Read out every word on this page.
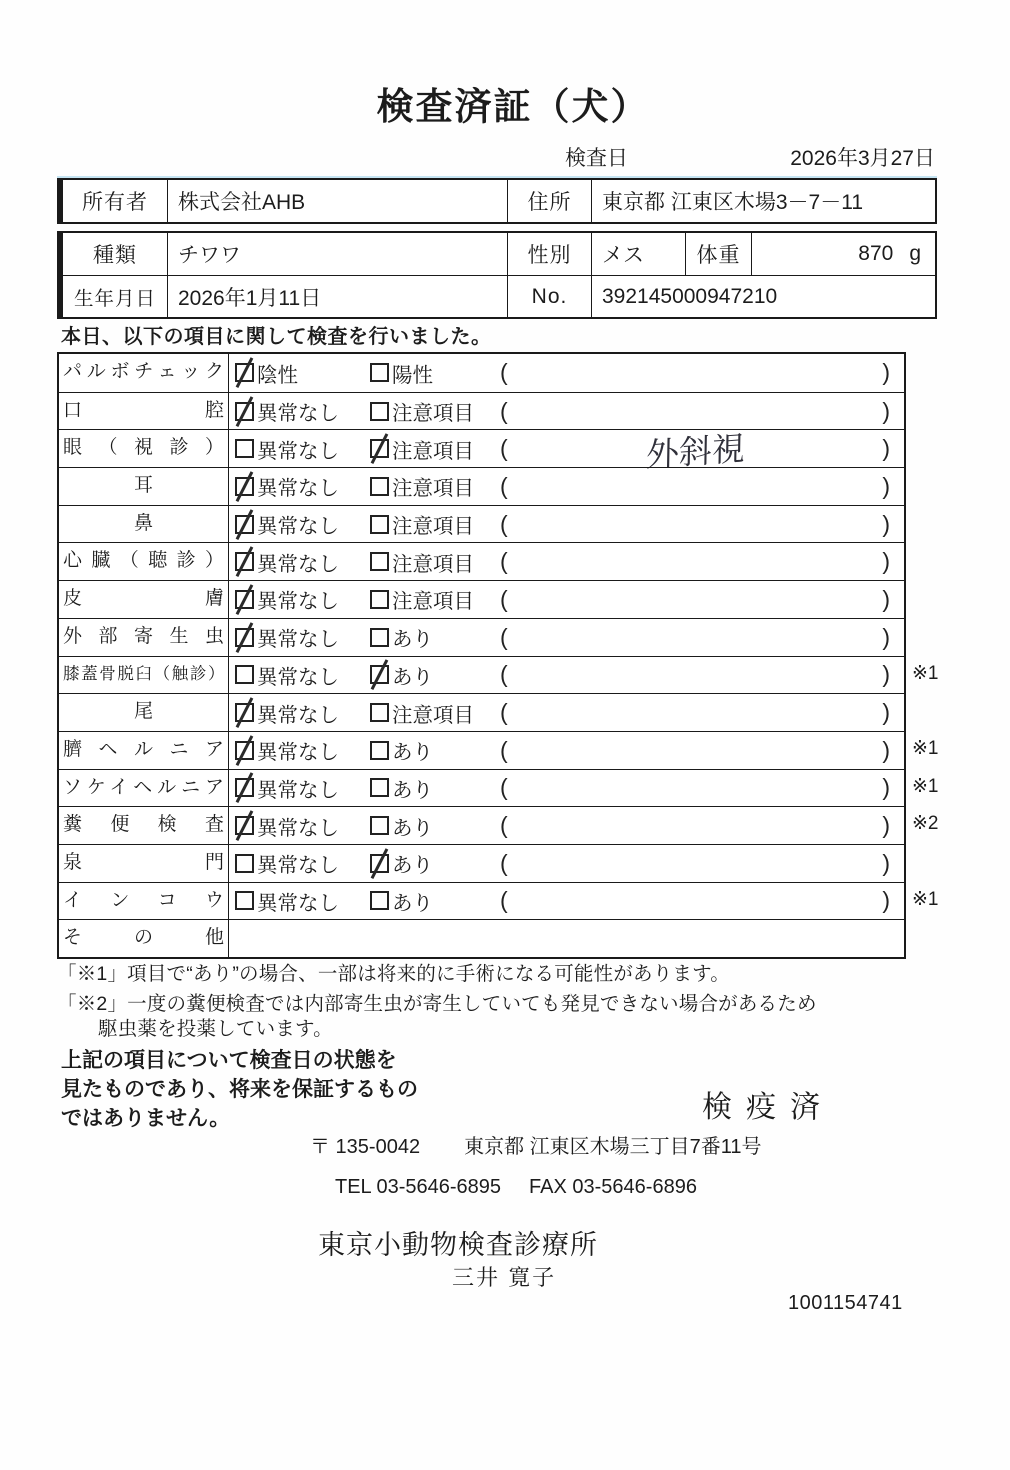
検査済証（犬）
検査日	2026年3月27日
所有者	株式会社AHB	住所	東京都 江東区木場3－7－11
種類	チワワ	性別	メス	体重	870 g
生年月日	2026年1月11日	No.	392145000947210
本日、以下の項目に関して検査を行いました。
パルボチェック 陰性	陽性	(	)
口腔 異常なし	注意項目 (	)
眼（視診） 異常なし	注意項目 (	外斜視	)
耳	異常なし	注意項目 (	)
鼻	異常なし	注意項目 (	)
心臓（聴診） 異常なし	注意項目 (	)
皮膚 異常なし	注意項目 (	)
外部寄生虫 異常なし	あり	(	)
膝蓋骨脱臼（触診） 異常なし	あり	(	) ※1
尾	異常なし	注意項目 (	)
臍ヘルニア 異常なし	あり	(	) ※1
ソケイヘルニア 異常なし	あり	(	) ※1
糞便検査 異常なし	あり	(	) ※2
泉門 異常なし	あり	(	)
インコウ 異常なし	あり	(	) ※1
その他
「※1」項目で“あり”の場合、一部は将来的に手術になる可能性があります。
「※2」一度の糞便検査では内部寄生虫が寄生していても発見できない場合があるため
駆虫薬を投薬しています。
上記の項目について検査日の状態を
見たものであり、将来を保証するもの
ではありません。	検疫済
〒 135-0042 東京都 江東区木場三丁目7番11号
TEL 03-5646-6895 FAX 03-5646-6896
東京小動物検査診療所
三井 寛子
1001154741
